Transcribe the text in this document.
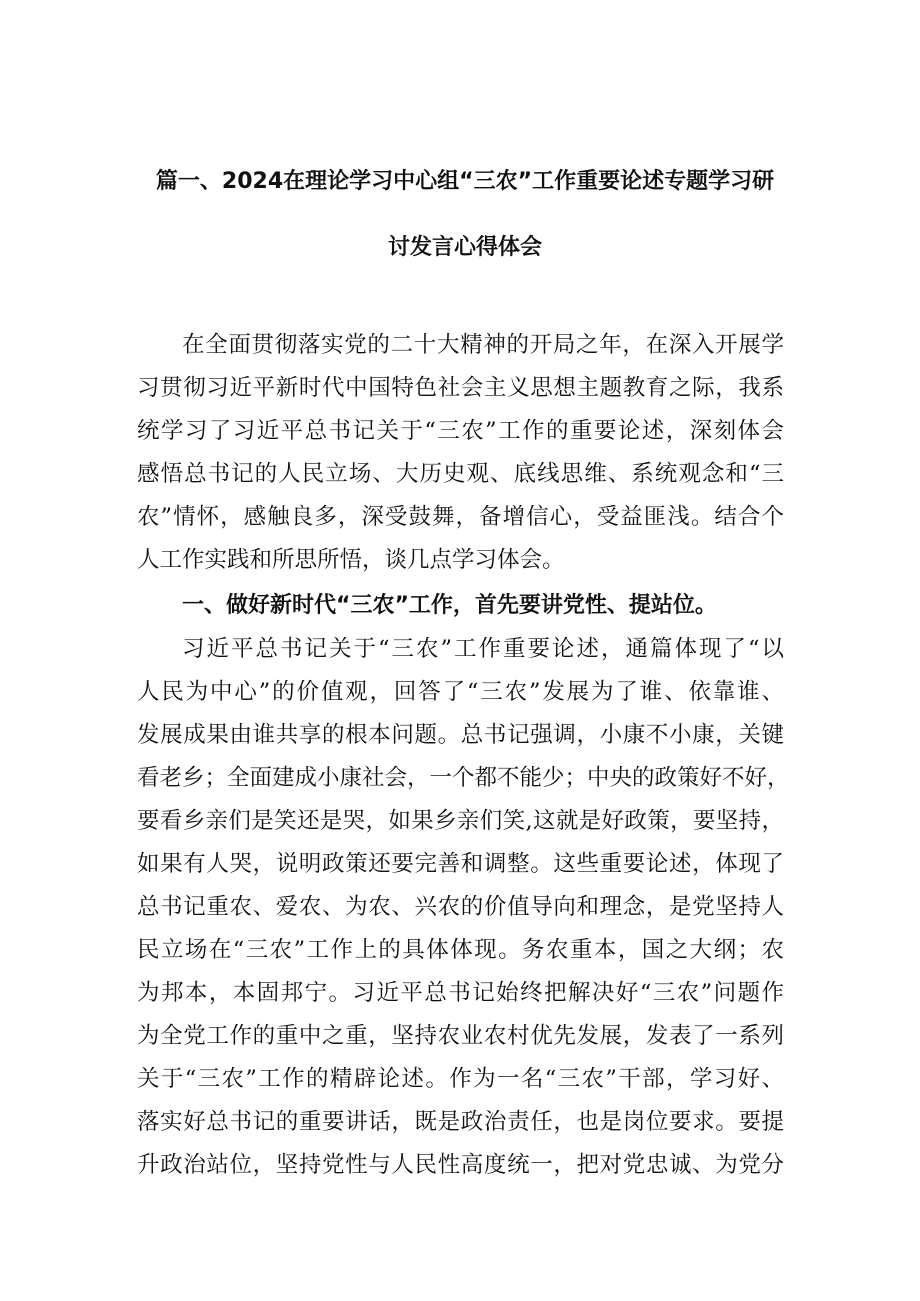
篇一、2024在理论学习中心组“三农”工作重要论述专题学习研
讨发言心得体会
在全面贯彻落实党的二十大精神的开局之年，在深入开展学
习贯彻习近平新时代中国特色社会主义思想主题教育之际，我系
统学习了习近平总书记关于“三农”工作的重要论述，深刻体会
感悟总书记的人民立场、大历史观、底线思维、系统观念和“三
农”情怀，感触良多，深受鼓舞，备增信心，受益匪浅。结合个
人工作实践和所思所悟，谈几点学习体会。
一、做好新时代“三农”工作，首先要讲党性、提站位。
习近平总书记关于“三农”工作重要论述，通篇体现了“以
人民为中心”的价值观，回答了“三农”发展为了谁、依靠谁、
发展成果由谁共享的根本问题。总书记强调，小康不小康，关键
看老乡；全面建成小康社会，一个都不能少；中央的政策好不好，
要看乡亲们是笑还是哭，如果乡亲们笑,这就是好政策，要坚持，
如果有人哭，说明政策还要完善和调整。这些重要论述，体现了
总书记重农、爱农、为农、兴农的价值导向和理念，是党坚持人
民立场在“三农”工作上的具体体现。务农重本，国之大纲；农
为邦本，本固邦宁。习近平总书记始终把解决好“三农”问题作
为全党工作的重中之重，坚持农业农村优先发展，发表了一系列
关于“三农”工作的精辟论述。作为一名“三农”干部，学习好、
落实好总书记的重要讲话，既是政治责任，也是岗位要求。要提
升政治站位，坚持党性与人民性高度统一，把对党忠诚、为党分
